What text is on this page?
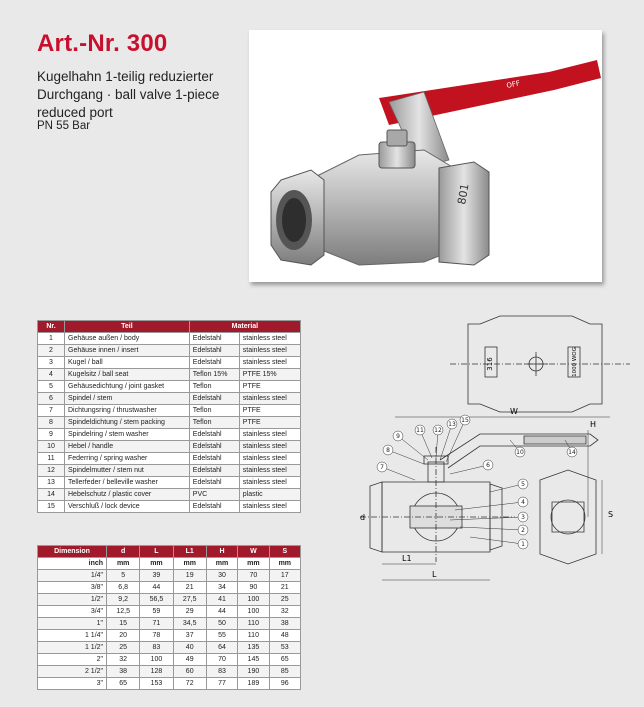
Art.-Nr. 300
Kugelhahn 1-teilig reduzierter
Durchgang · ball valve 1-piece
reduced port
PN 55 Bar
801
ON
OFF
Nr.	Teil	Material	
1	Gehäuse außen / body	Edelstahl	stainless steel
2	Gehäuse innen / insert	Edelstahl	stainless steel
3	Kugel / ball	Edelstahl	stainless steel
4	Kugelsitz / ball seat	Teflon 15%	PTFE 15%
5	Gehäusedichtung / joint gasket	Teflon	PTFE
6	Spindel / stem	Edelstahl	stainless steel
7	Dichtungsring / thrustwasher	Teflon	PTFE
8	Spindeldichtung / stem packing	Teflon	PTFE
9	Spindelring / stem washer	Edelstahl	stainless steel
10	Hebel / handle	Edelstahl	stainless steel
11	Federring / spring washer	Edelstahl	stainless steel
12	Spindelmutter / stem nut	Edelstahl	stainless steel
13	Tellerfeder / belleville washer	Edelstahl	stainless steel
14	Hebelschutz / plastic cover	PVC	plastic
15	Verschluß / lock device	Edelstahl	stainless steel
Dimension	d	L	L1	H	W	S
inch	mm	mm	mm	mm	mm	mm
1/4"	5	39	19	30	70	17
3/8"	6,8	44	21	34	90	21
1/2"	9,2	56,5	27,5	41	100	25
3/4"	12,5	59	29	44	100	32
1"	15	71	34,5	50	110	38
1 1/4"	20	78	37	55	110	48
1 1/2"	25	83	40	64	135	53
2"	32	100	49	70	145	65
2 1/2"	38	128	60	83	190	85
3"	65	153	72	77	189	96
316	1000 WOG
W
H
S
d
L1
L
1
2
3
4
5
6
7
8
9
10
11 12
13
14
15
